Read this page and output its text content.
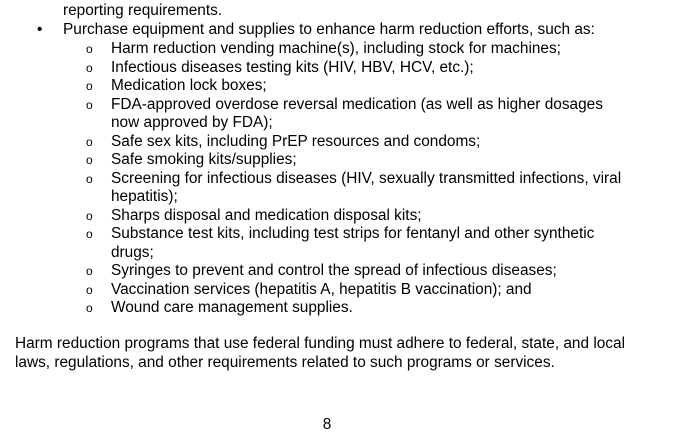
reporting requirements.
•	Purchase equipment and supplies to enhance harm reduction efforts, such as:
o Harm reduction vending machine(s), including stock for machines;
o Infectious diseases testing kits (HIV, HBV, HCV, etc.);
o Medication lock boxes;
o FDA-approved overdose reversal medication (as well as higher dosages now approved by FDA);
o Safe sex kits, including PrEP resources and condoms;
o Safe smoking kits/supplies;
o Screening for infectious diseases (HIV, sexually transmitted infections, viral hepatitis);
o Sharps disposal and medication disposal kits;
o Substance test kits, including test strips for fentanyl and other synthetic drugs;
o Syringes to prevent and control the spread of infectious diseases;
o Vaccination services (hepatitis A, hepatitis B vaccination); and
o Wound care management supplies.

Harm reduction programs that use federal funding must adhere to federal, state, and local laws, regulations, and other requirements related to such programs or services.

8
